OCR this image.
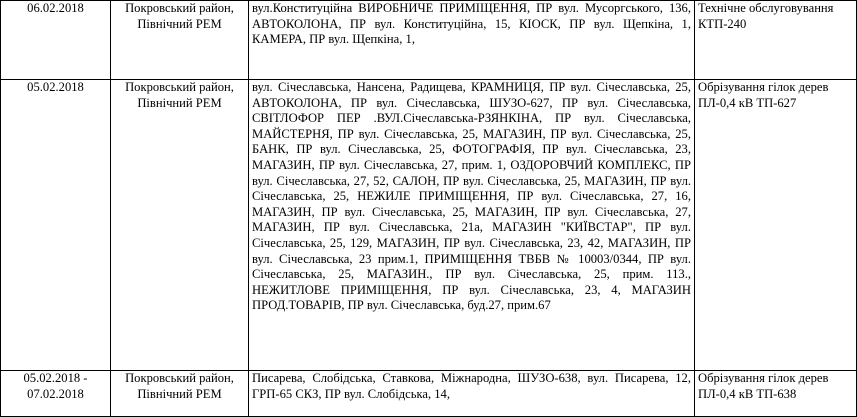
06.02.2018	Покровський район,
Північний РЕМ	вул.Конституційна ВИРОБНИЧЕ ПРИМІЩЕННЯ, ПР вул. Мусоргського, 136, АВТОКОЛОНА, ПР вул. Конституційна, 15, КІОСК, ПР вул. Щепкіна, 1, КАМЕРА, ПР вул. Щепкіна, 1,	Технічне обслуговування
КТП-240

05.02.2018	Покровський район,
Північний РЕМ	вул. Січеславська, Нансена, Радищева, КРАМНИЦЯ, ПР вул. Січеславська, 25, АВТОКОЛОНА, ПР вул. Січеславська, ШУЗО-627, ПР вул. Січеславська, СВІТЛОФОР ПЕР .ВУЛ.Січеславська-РЗЯНКІНА, ПР вул. Січеславська, МАЙСТЕРНЯ, ПР вул. Січеславська, 25, МАГАЗИН, ПР вул. Січеславська, 25, БАНК, ПР вул. Січеславська, 25, ФОТОГРАФІЯ, ПР вул. Січеславська, 23, МАГАЗИН, ПР вул. Січеславська, 27, прим. 1, ОЗДОРОВЧИЙ КОМПЛЕКС, ПР вул. Січеславська, 27, 52, САЛОН, ПР вул. Січеславська, 25, МАГАЗИН, ПР вул. Січеславська, 25, НЕЖИЛЕ ПРИМІЩЕННЯ, ПР вул. Січеславська, 27, 16, МАГАЗИН, ПР вул. Січеславська, 25, МАГАЗИН, ПР вул. Січеславська, 27, МАГАЗИН, ПР вул. Січеславська, 21а, МАГАЗИН "КИЇВСТАР", ПР вул. Січеславська, 25, 129, МАГАЗИН, ПР вул. Січеславська, 23, 42, МАГАЗИН, ПР вул. Січеславська, 23 прим.1, ПРИМІЩЕННЯ ТВБВ № 10003/0344, ПР вул. Січеславська, 25, МАГАЗИН., ПР вул. Січеславська, 25, прим. 113., НЕЖИТЛОВЕ ПРИМІЩЕННЯ, ПР вул. Січеславська, 23, 4, МАГАЗИН ПРОД.ТОВАРІВ, ПР вул. Січеславська, буд.27, прим.67	Обрізування гілок дерев
ПЛ-0,4 кВ ТП-627

05.02.2018 -
07.02.2018	Покровський район,
Північний РЕМ	Писарева, Слобідська, Ставкова, Міжнародна, ШУЗО-638, вул. Писарева, 12, ГРП-65 СКЗ, ПР вул. Слобідська, 14,	Обрізування гілок дерев
ПЛ-0,4 кВ ТП-638
